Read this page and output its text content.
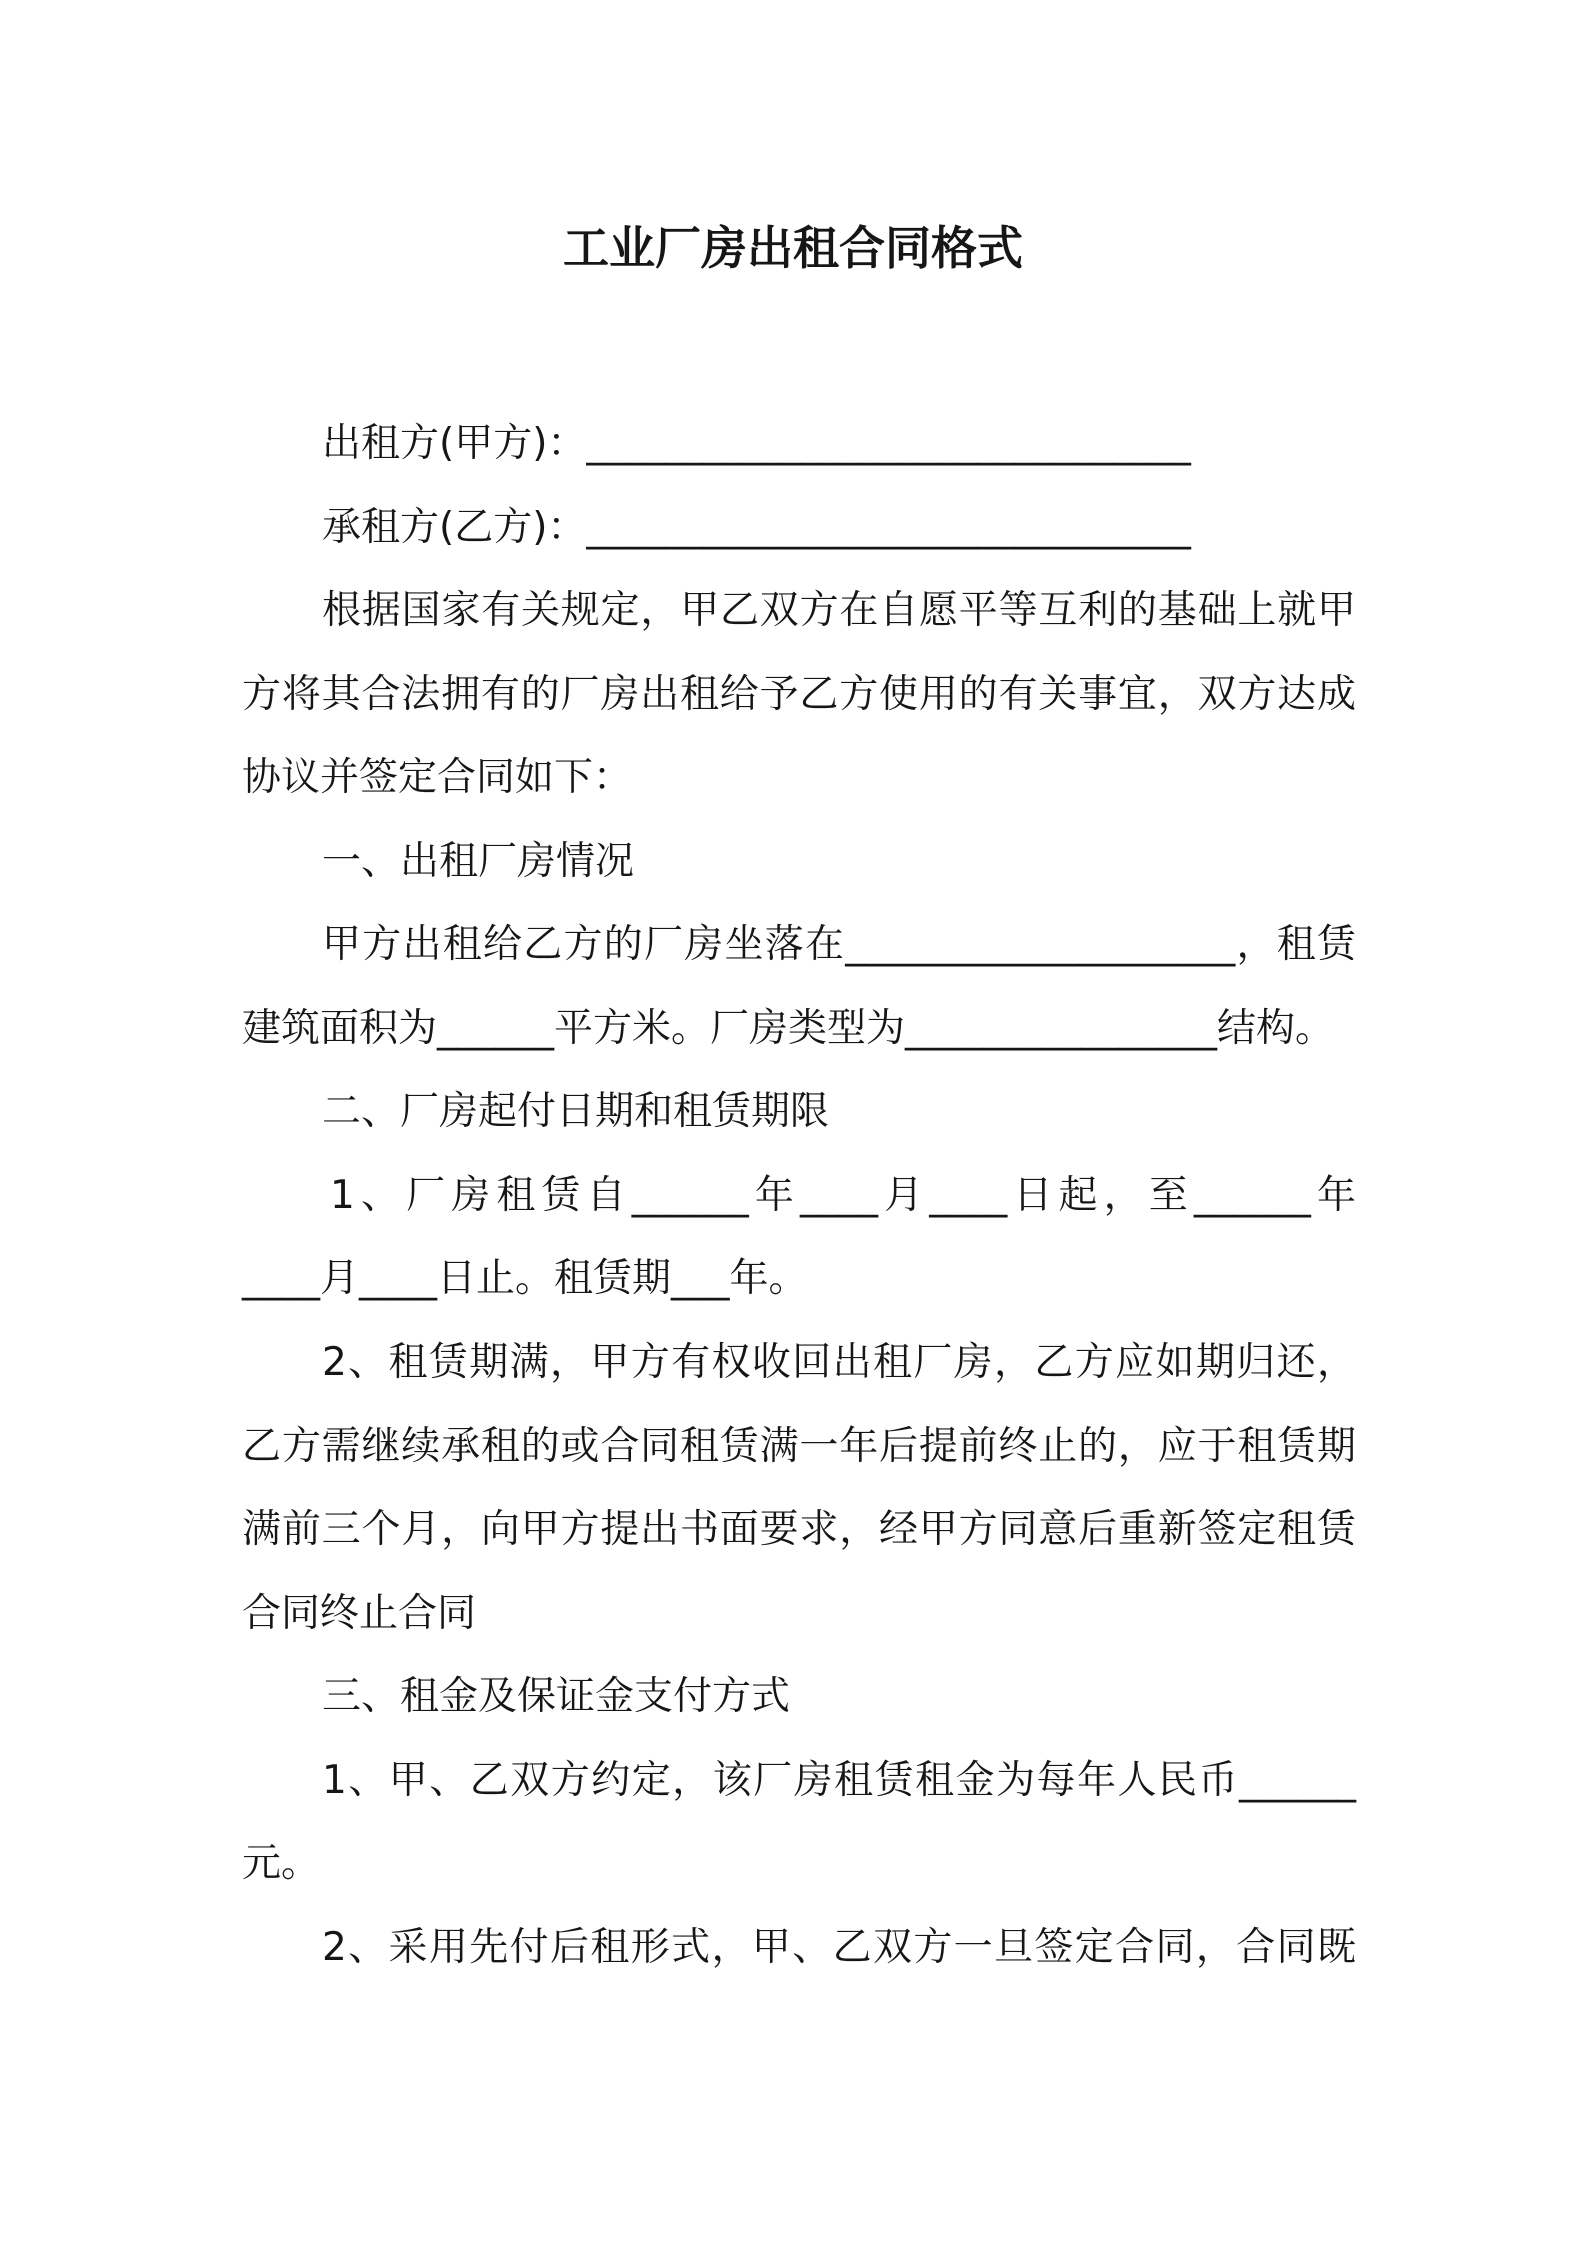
工业厂房出租合同格式
出租方(甲方)：_______________________________
承租方(乙方)：_______________________________
根据国家有关规定，甲乙双方在自愿平等互利的基础上就甲
方将其合法拥有的厂房出租给予乙方使用的有关事宜，双方达成
协议并签定合同如下：
一、出租厂房情况
甲方出租给乙方的厂房坐落在____________________，租赁
建筑面积为______平方米。厂房类型为________________结构。
二、厂房起付日期和租赁期限
1、厂房租赁自______年____月____日起，至______年
____月____日止。租赁期___年。
2、租赁期满，甲方有权收回出租厂房，乙方应如期归还，
乙方需继续承租的或合同租赁满一年后提前终止的，应于租赁期
满前三个月，向甲方提出书面要求，经甲方同意后重新签定租赁
合同终止合同
三、租金及保证金支付方式
1、甲、乙双方约定，该厂房租赁租金为每年人民币______
元。
2、采用先付后租形式，甲、乙双方一旦签定合同，合同既
